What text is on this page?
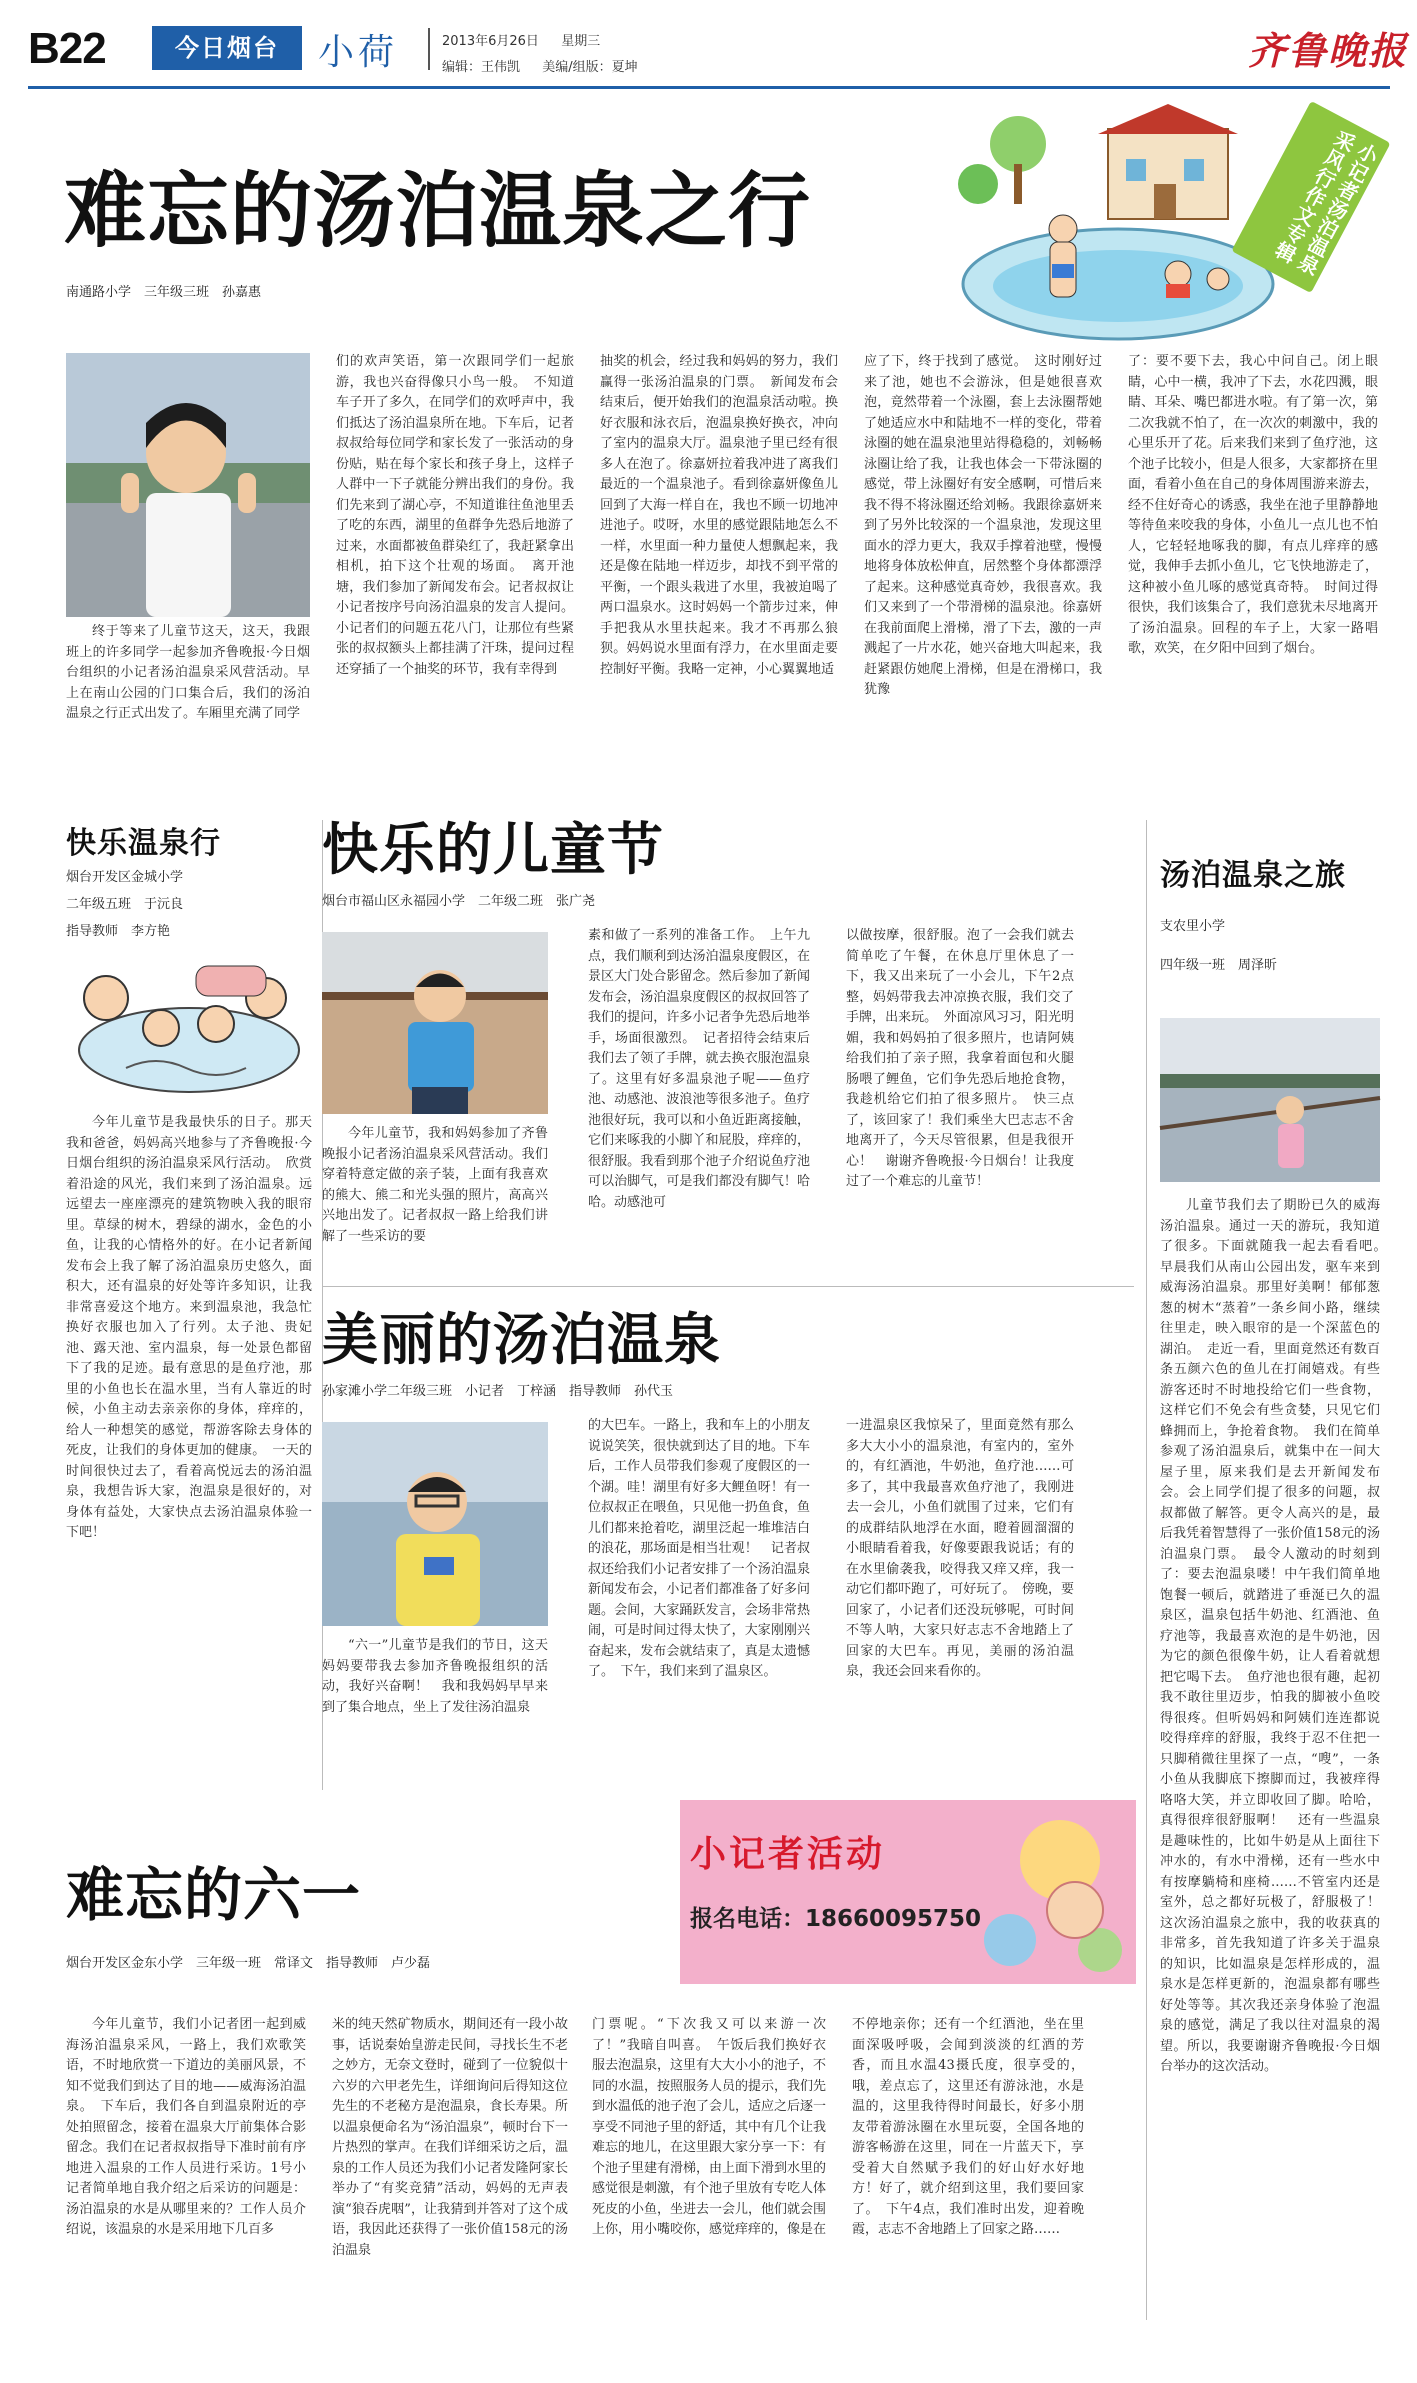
B22	今日烟台	小荷	2013年6月26日 星期三
编辑：王伟凯 美编/组版：夏坤	齐鲁晚报
难忘的汤泊温泉之行
南通路小学　三年级三班　孙嘉惠
小记者汤泊温泉采风行作文专辑
终于等来了儿童节这天，这天，我跟班上的许多同学一起参加齐鲁晚报·今日烟台组织的小记者汤泊温泉采风营活动。早上在南山公园的门口集合后，我们的汤泊温泉之行正式出发了。车厢里充满了同学
们的欢声笑语，第一次跟同学们一起旅游，我也兴奋得像只小鸟一般。　不知道车子开了多久，在同学们的欢呼声中，我们抵达了汤泊温泉所在地。下车后，记者叔叔给每位同学和家长发了一张活动的身份贴，贴在每个家长和孩子身上，这样子人群中一下子就能分辨出我们的身份。我们先来到了湖心亭，不知道谁往鱼池里丢了吃的东西，湖里的鱼群争先恐后地游了过来，水面都被鱼群染红了，我赶紧拿出相机，拍下这个壮观的场面。　离开池塘，我们参加了新闻发布会。记者叔叔让小记者按序号向汤泊温泉的发言人提问。小记者们的问题五花八门，让那位有些紧张的叔叔额头上都挂满了汗珠，提问过程还穿插了一个抽奖的环节，我有幸得到
抽奖的机会，经过我和妈妈的努力，我们赢得一张汤泊温泉的门票。　新闻发布会结束后，便开始我们的泡温泉活动啦。换好衣服和泳衣后，泡温泉换好换衣，冲向了室内的温泉大厅。温泉池子里已经有很多人在泡了。徐嘉妍拉着我冲进了离我们最近的一个温泉池子。看到徐嘉妍像鱼儿回到了大海一样自在，我也不顾一切地冲进池子。哎呀，水里的感觉跟陆地怎么不一样，水里面一种力量使人想飘起来，我还是像在陆地一样迈步，却找不到平常的平衡，一个跟头栽进了水里，我被迫喝了两口温泉水。这时妈妈一个箭步过来，伸手把我从水里扶起来。我才不再那么狼狈。妈妈说水里面有浮力，在水里面走要控制好平衡。我略一定神，小心翼翼地适
应了下，终于找到了感觉。　这时刚好过来了池，她也不会游泳，但是她很喜欢泡，竟然带着一个泳圈，套上去泳圈帮她了她适应水中和陆地不一样的变化，带着泳圈的她在温泉池里站得稳稳的，刘畅畅泳圈让给了我，让我也体会一下带泳圈的感觉，带上泳圈好有安全感啊，可惜后来我不得不将泳圈还给刘畅。我跟徐嘉妍来到了另外比较深的一个温泉池，发现这里面水的浮力更大，我双手撑着池壁，慢慢地将身体放松伸直，居然整个身体都漂浮了起来。这种感觉真奇妙，我很喜欢。我们又来到了一个带滑梯的温泉池。徐嘉妍在我前面爬上滑梯，滑了下去，激的一声溅起了一片水花，她兴奋地大叫起来，我赶紧跟仿她爬上滑梯，但是在滑梯口，我犹豫
了：要不要下去，我心中问自己。闭上眼睛，心中一横，我冲了下去，水花四溅，眼睛、耳朵、嘴巴都进水啦。有了第一次，第二次我就不怕了，在一次次的刺激中，我的心里乐开了花。后来我们来到了鱼疗池，这个池子比较小，但是人很多，大家都挤在里面，看着小鱼在自己的身体周围游来游去，经不住好奇心的诱惑，我坐在池子里静静地等待鱼来咬我的身体，小鱼儿一点儿也不怕人，它轻轻地啄我的脚，有点儿痒痒的感觉，我伸手去抓小鱼儿，它飞快地游走了，这种被小鱼儿啄的感觉真奇特。　时间过得很快，我们该集合了，我们意犹未尽地离开了汤泊温泉。回程的车子上，大家一路唱歌，欢笑，在夕阳中回到了烟台。
快乐温泉行
烟台开发区金城小学
二年级五班　于沅良
指导教师　李方艳
今年儿童节是我最快乐的日子。那天我和爸爸，妈妈高兴地参与了齐鲁晚报·今日烟台组织的汤泊温泉采风行活动。　欣赏着沿途的风光，我们来到了汤泊温泉。远远望去一座座漂亮的建筑物映入我的眼帘里。草绿的树木，碧绿的湖水，金色的小鱼，让我的心情格外的好。在小记者新闻发布会上我了解了汤泊温泉历史悠久，面积大，还有温泉的好处等许多知识，让我非常喜爱这个地方。来到温泉池，我急忙换好衣服也加入了行列。太子池、贵妃池、露天池、室内温泉，每一处景色都留下了我的足迹。最有意思的是鱼疗池，那里的小鱼也长在温水里，当有人靠近的时候，小鱼主动去亲亲你的身体，痒痒的，给人一种想笑的感觉，帮游客除去身体的死皮，让我们的身体更加的健康。　一天的时间很快过去了，看着高悦远去的汤泊温泉，我想告诉大家，泡温泉是很好的，对身体有益处，大家快点去汤泊温泉体验一下吧！
快乐的儿童节
烟台市福山区永福园小学　二年级二班　张广尧
今年儿童节，我和妈妈参加了齐鲁晚报小记者汤泊温泉采风营活动。我们穿着特意定做的亲子装，上面有我喜欢的熊大、熊二和光头强的照片，高高兴兴地出发了。记者叔叔一路上给我们讲解了一些采访的要
素和做了一系列的准备工作。　上午九点，我们顺利到达汤泊温泉度假区，在景区大门处合影留念。然后参加了新闻发布会，汤泊温泉度假区的叔叔回答了我们的提问，许多小记者争先恐后地举手，场面很激烈。　记者招待会结束后我们去了领了手牌，就去换衣服泡温泉了。这里有好多温泉池子呢——鱼疗池、动感池、波浪池等很多池子。鱼疗池很好玩，我可以和小鱼近距离接触，它们来啄我的小脚丫和屁股，痒痒的，很舒服。我看到那个池子介绍说鱼疗池可以治脚气，可是我们都没有脚气！哈哈。动感池可
以做按摩，很舒服。泡了一会我们就去简单吃了午餐，在休息厅里休息了一下，我又出来玩了一小会儿，下午2点整，妈妈带我去冲凉换衣服，我们交了手牌，出来玩。　外面凉风习习，阳光明媚，我和妈妈拍了很多照片，也请阿姨给我们拍了亲子照，我拿着面包和火腿肠喂了鲤鱼，它们争先恐后地抢食物，我趁机给它们拍了很多照片。　快三点了，该回家了！我们乘坐大巴志志不舍地离开了，今天尽管很累，但是我很开心！　谢谢齐鲁晚报·今日烟台！让我度过了一个难忘的儿童节！
美丽的汤泊温泉
孙家滩小学二年级三班　小记者　丁梓涵　指导教师　孙代玉
“六一”儿童节是我们的节日，这天妈妈要带我去参加齐鲁晚报组织的活动，我好兴奋啊！　我和我妈妈早早来到了集合地点，坐上了发往汤泊温泉
的大巴车。一路上，我和车上的小朋友说说笑笑，很快就到达了目的地。下车后，工作人员带我们参观了度假区的一个湖。哇！湖里有好多大鲤鱼呀！有一位叔叔正在喂鱼，只见他一扔鱼食，鱼儿们都来抢着吃，湖里泛起一堆堆洁白的浪花，那场面是相当壮观！　记者叔叔还给我们小记者安排了一个汤泊温泉新闻发布会，小记者们都准备了好多问题。会间，大家踊跃发言，会场非常热闹，可是时间过得太快了，大家刚刚兴奋起来，发布会就结束了，真是太遗憾了。　下午，我们来到了温泉区。
一进温泉区我惊呆了，里面竟然有那么多大大小小的温泉池，有室内的，室外的，有红酒池，牛奶池，鱼疗池……可多了，其中我最喜欢鱼疗池了，我刚进去一会儿，小鱼们就围了过来，它们有的成群结队地浮在水面，瞪着圆溜溜的小眼睛看着我，好像要跟我说话；有的在水里偷袭我，咬得我又痒又痒，我一动它们都吓跑了，可好玩了。　傍晚，要回家了，小记者们还没玩够呢，可时间不等人呐，大家只好志志不舍地踏上了回家的大巴车。再见，美丽的汤泊温泉，我还会回来看你的。
汤泊温泉之旅
支农里小学
四年级一班　周泽昕
儿童节我们去了期盼已久的威海汤泊温泉。通过一天的游玩，我知道了很多。下面就随我一起去看看吧。　早晨我们从南山公园出发，驱车来到威海汤泊温泉。那里好美啊！郁郁葱葱的树木“蒸着”一条乡间小路，继续往里走，映入眼帘的是一个深蓝色的湖泊。　走近一看，里面竟然还有数百条五颜六色的鱼儿在打闹嬉戏。有些游客还时不时地投给它们一些食物，这样它们不免会有些贪婪，只见它们蜂拥而上，争抢着食物。　我们在简单参观了汤泊温泉后，就集中在一间大屋子里，原来我们是去开新闻发布会。会上同学们提了很多的问题，叔叔都做了解答。更令人高兴的是，最后我凭着智慧得了一张价值158元的汤泊温泉门票。　最令人激动的时刻到了：要去泡温泉喽！中午我们简单地饱餐一顿后，就踏进了垂涎已久的温泉区，温泉包括牛奶池、红酒池、鱼疗池等，我最喜欢泡的是牛奶池，因为它的颜色很像牛奶，让人看着就想把它喝下去。　鱼疗池也很有趣，起初我不敢往里迈步，怕我的脚被小鱼咬得很疼。但听妈妈和阿姨们连连都说咬得痒痒的舒服，我终于忍不住把一只脚稍微往里探了一点，“嗖”，一条小鱼从我脚底下擦脚而过，我被痒得咯咯大笑，并立即收回了脚。哈哈，真得很痒很舒服啊！　还有一些温泉是趣味性的，比如牛奶是从上面往下冲水的，有水中滑梯，还有一些水中有按摩躺椅和座椅……不管室内还是室外，总之都好玩极了，舒服极了！　这次汤泊温泉之旅中，我的收获真的非常多，首先我知道了许多关于温泉的知识，比如温泉是怎样形成的，温泉水是怎样更新的，泡温泉都有哪些好处等等。其次我还亲身体验了泡温泉的感觉，满足了我以往对温泉的渴望。所以，我要谢谢齐鲁晚报·今日烟台举办的这次活动。
小记者活动
报名电话：18660095750
难忘的六一
烟台开发区金东小学　三年级一班　常译文　指导教师　卢少磊
今年儿童节，我们小记者团一起到威海汤泊温泉采风，一路上，我们欢歌笑语，不时地欣赏一下道边的美丽风景，不知不觉我们到达了目的地——威海汤泊温泉。　下车后，我们各自到温泉附近的亭处拍照留念，接着在温泉大厅前集体合影留念。我们在记者叔叔指导下准时前有序地进入温泉的工作人员进行采访。1号小记者简单地自我介绍之后采访的问题是：汤泊温泉的水是从哪里来的？工作人员介绍说，该温泉的水是采用地下几百多
米的纯天然矿物质水，期间还有一段小故事，话说秦始皇游走民间，寻找长生不老之妙方，无奈文登时，碰到了一位貌似十六岁的六甲老先生，详细询问后得知这位先生的不老秘方是泡温泉，食长寿果。所以温泉便命名为“汤泊温泉”，顿时台下一片热烈的掌声。在我们详细采访之后，温泉的工作人员还为我们小记者发隆阿家长举办了“有奖竞猜”活动，妈妈的无声表演“狼吞虎咽”，让我猜到并答对了这个成语，我因此还获得了一张价值158元的汤泊温泉
门票呢。“下次我又可以来游一次了！”我暗自叫喜。　午饭后我们换好衣服去泡温泉，这里有大大小小的池子，不同的水温，按照服务人员的提示，我们先到水温低的池子泡了会儿，适应之后逐一享受不同池子里的舒适，其中有几个让我难忘的地儿，在这里跟大家分享一下：有个池子里建有滑梯，由上面下滑到水里的感觉很是刺激，有个池子里放有专吃人体死皮的小鱼，坐进去一会儿，他们就会围上你，用小嘴咬你，感觉痒痒的，像是在
不停地亲你；还有一个红酒池，坐在里面深吸呼吸，会闻到淡淡的红酒的芳香，而且水温43摄氏度，很享受的，哦，差点忘了，这里还有游泳池，水是温的，这里我待得时间最长，好多小朋友带着游泳圈在水里玩耍，全国各地的游客畅游在这里，同在一片蓝天下，享受着大自然赋予我们的好山好水好地方！好了，就介绍到这里，我们要回家了。　下午4点，我们准时出发，迎着晚霞，志志不舍地踏上了回家之路……
